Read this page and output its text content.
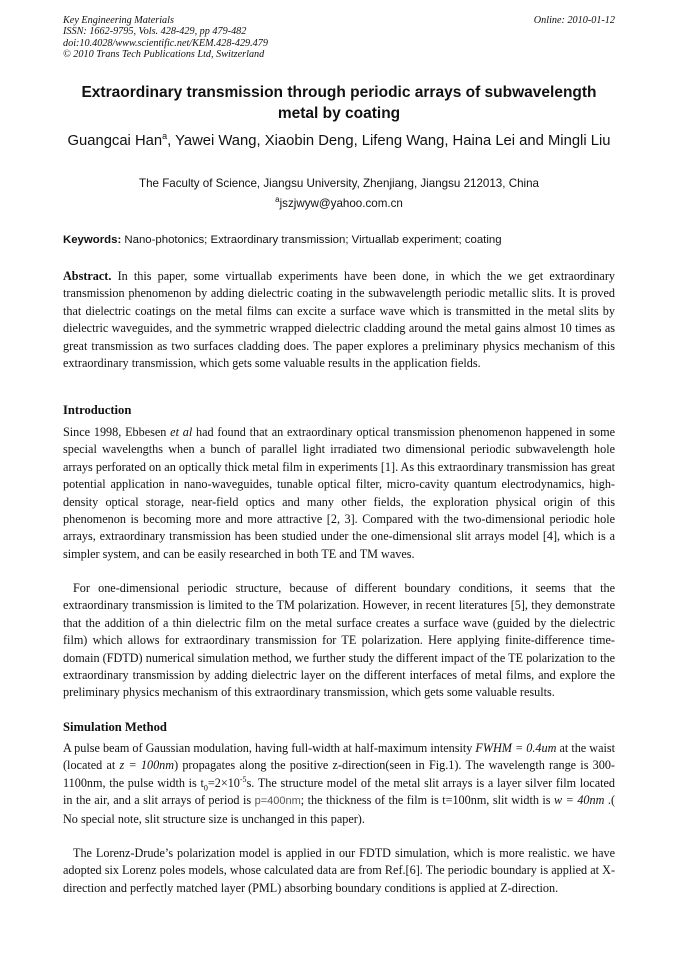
Key Engineering Materials
ISSN: 1662-9795, Vols. 428-429, pp 479-482
doi:10.4028/www.scientific.net/KEM.428-429.479
© 2010 Trans Tech Publications Ltd, Switzerland
Online: 2010-01-12
Extraordinary transmission through periodic arrays of subwavelength metal by coating
Guangcai Han$^a$, Yawei Wang, Xiaobin Deng, Lifeng Wang, Haina Lei and Mingli Liu
The Faculty of Science, Jiangsu University, Zhenjiang, Jiangsu 212013, China
$^a$jszjwyw@yahoo.com.cn
Keywords: Nano-photonics; Extraordinary transmission; Virtuallab experiment; coating
Abstract. In this paper, some virtuallab experiments have been done, in which the we get extraordinary transmission phenomenon by adding dielectric coating in the subwavelength periodic metallic slits. It is proved that dielectric coatings on the metal films can excite a surface wave which is transmitted in the metal slits by dielectric waveguides, and the symmetric wrapped dielectric cladding around the metal gains almost 10 times as great transmission as two surfaces cladding does. The paper explores a preliminary physics mechanism of this extraordinary transmission, which gets some valuable results in the application fields.
Introduction
Since 1998, Ebbesen et al had found that an extraordinary optical transmission phenomenon happened in some special wavelengths when a bunch of parallel light irradiated two dimensional periodic subwavelength hole arrays perforated on an optically thick metal film in experiments [1]. As this extraordinary transmission has great potential application in nano-waveguides, tunable optical filter, micro-cavity quantum electrodynamics, high-density optical storage, near-field optics and many other fields, the exploration physical origin of this phenomenon is becoming more and more attractive [2, 3]. Compared with the two-dimensional periodic hole arrays, extraordinary transmission has been studied under the one-dimensional slit arrays model [4], which is a simpler system, and can be easily researched in both TE and TM waves.
For one-dimensional periodic structure, because of different boundary conditions, it seems that the extraordinary transmission is limited to the TM polarization. However, in recent literatures [5], they demonstrate that the addition of a thin dielectric film on the metal surface creates a surface wave (guided by the dielectric film) which allows for extraordinary transmission for TE polarization. Here applying finite-difference time-domain (FDTD) numerical simulation method, we further study the different impact of the TE polarization to the extraordinary transmission by adding dielectric layer on the different interfaces of metal films, and explore the preliminary physics mechanism of this extraordinary transmission, which gets some valuable results.
Simulation Method
A pulse beam of Gaussian modulation, having full-width at half-maximum intensity FWHM = 0.4um at the waist (located at z = 100nm) propagates along the positive z-direction(seen in Fig.1). The wavelength range is 300-1100nm, the pulse width is $t_0=2\times 10^{-5}s$. The structure model of the metal slit arrays is a layer silver film located in the air, and a slit arrays of period is p=400nm; the thickness of the film is t=100nm, slit width is w = 40nm .( No special note, slit structure size is unchanged in this paper).
The Lorenz-Drude’s polarization model is applied in our FDTD simulation, which is more realistic. we have adopted six Lorenz poles models, whose calculated data are from Ref.[6]. The periodic boundary is applied at X-direction and perfectly matched layer (PML) absorbing boundary conditions is applied at Z-direction.
